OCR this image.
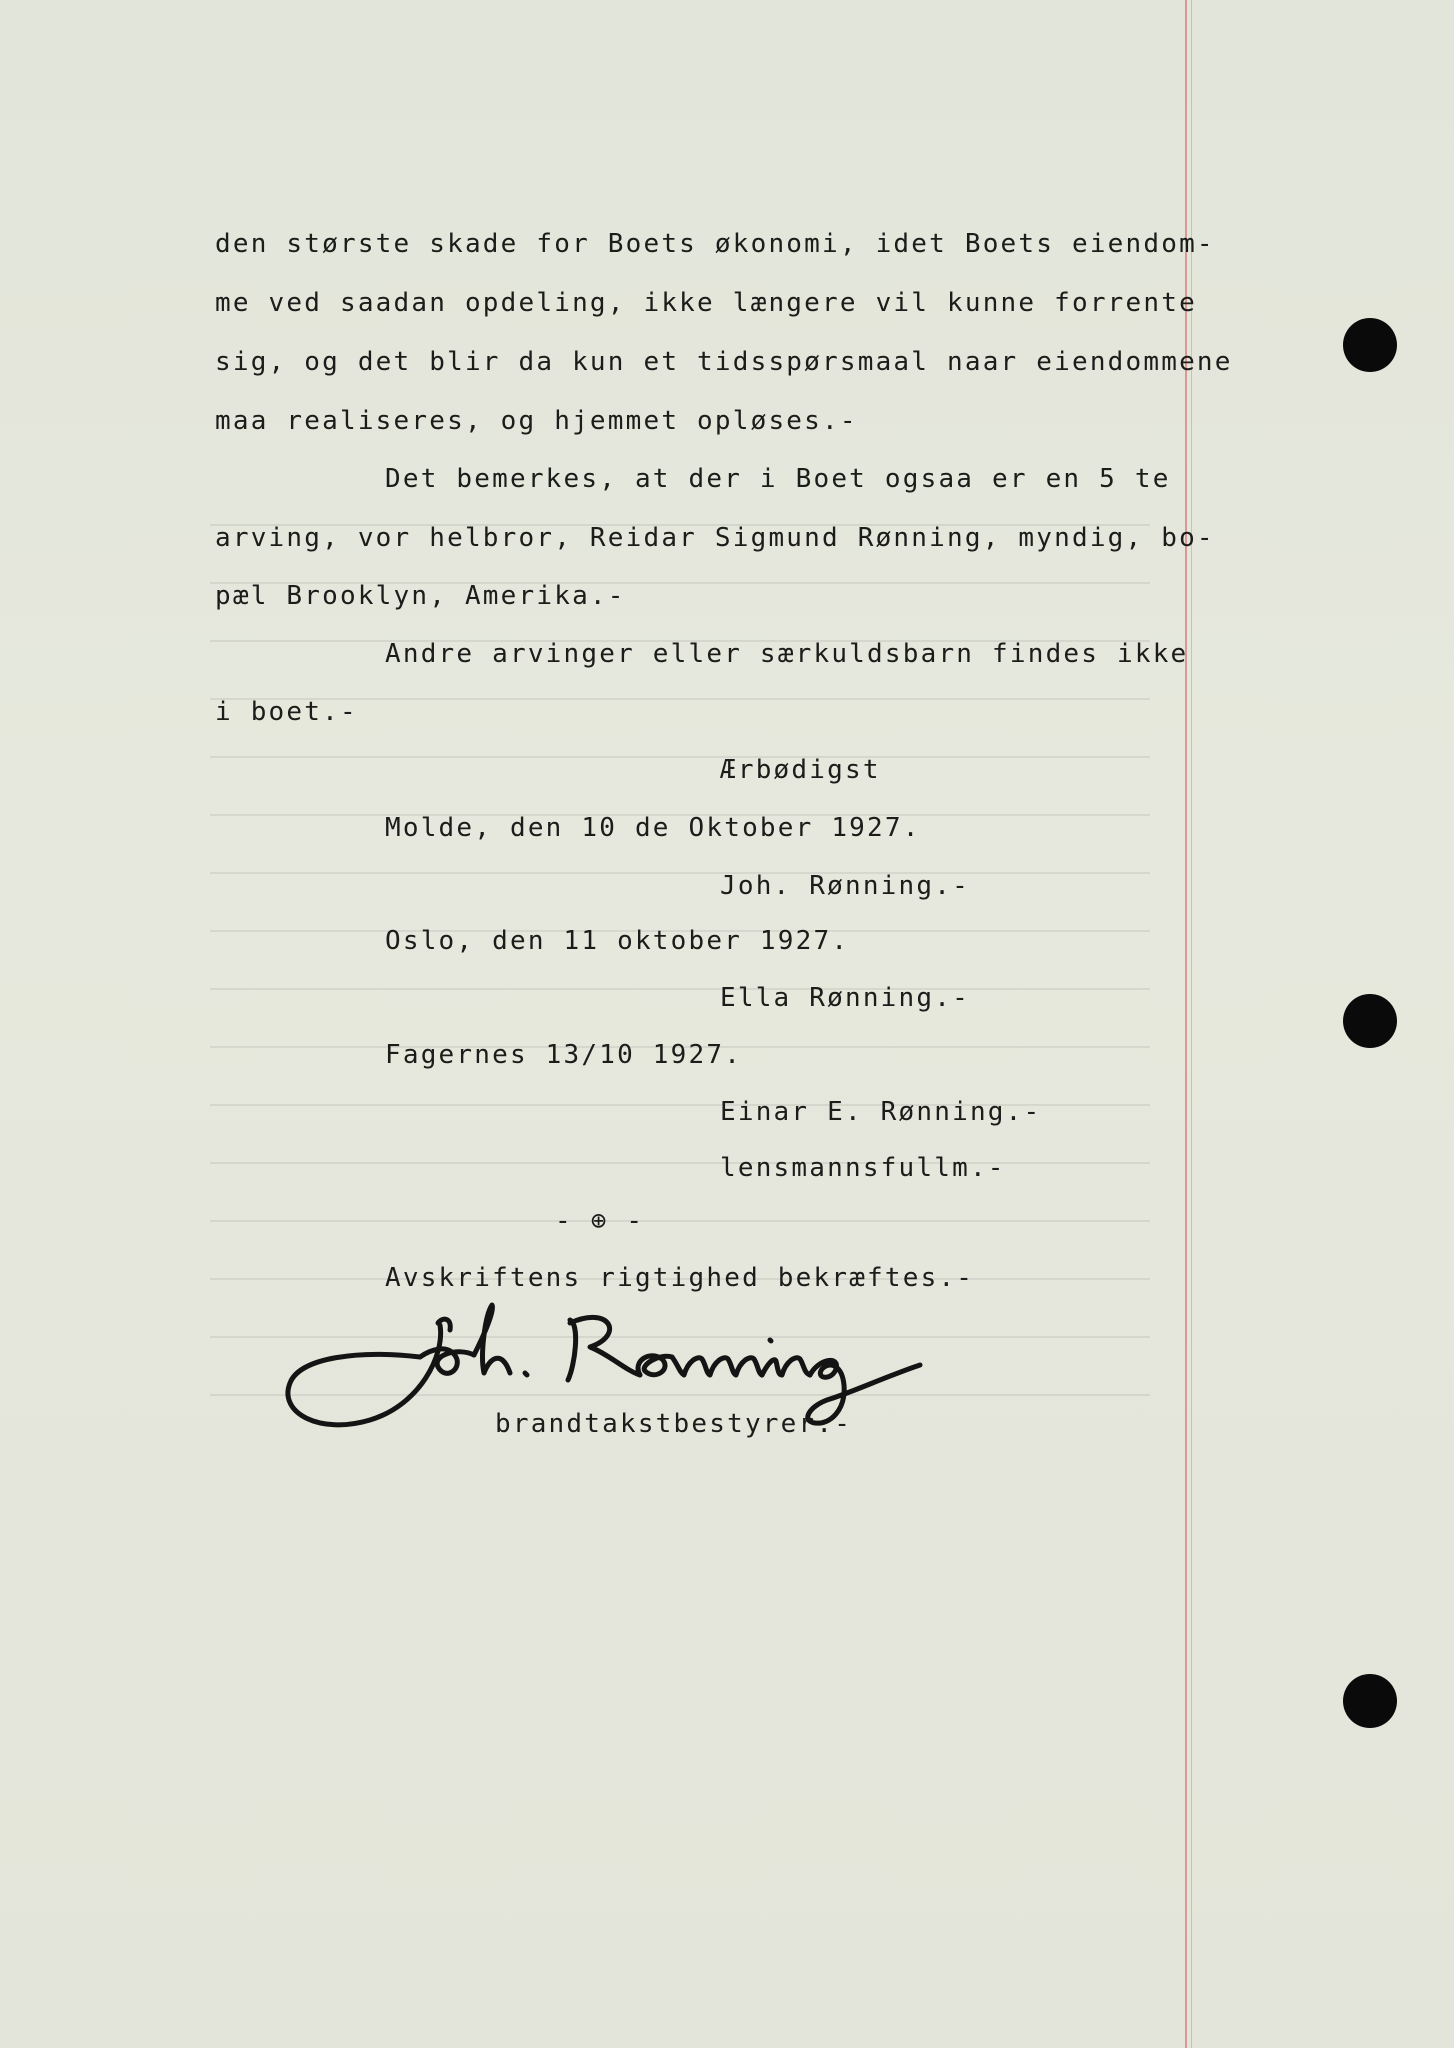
den største skade for Boets økonomi, idet Boets eiendom-
me ved saadan opdeling, ikke længere vil kunne forrente
sig, og det blir da kun et tidsspørsmaal naar eiendommene
maa realiseres, og hjemmet opløses.-
Det bemerkes, at der i Boet ogsaa er en 5 te
arving, vor helbror, Reidar Sigmund Rønning, myndig, bo-
pæl Brooklyn, Amerika.-
Andre arvinger eller særkuldsbarn findes ikke
i boet.-
Ærbødigst
Molde, den 10 de Oktober 1927.
Joh. Rønning.-
Oslo, den 11 oktober 1927.
Ella Rønning.-
Fagernes 13/10 1927.
Einar E. Rønning.-
lensmannsfullm.-
- ⊕ -
Avskriftens rigtighed bekræftes.-
brandtakstbestyrer.-
